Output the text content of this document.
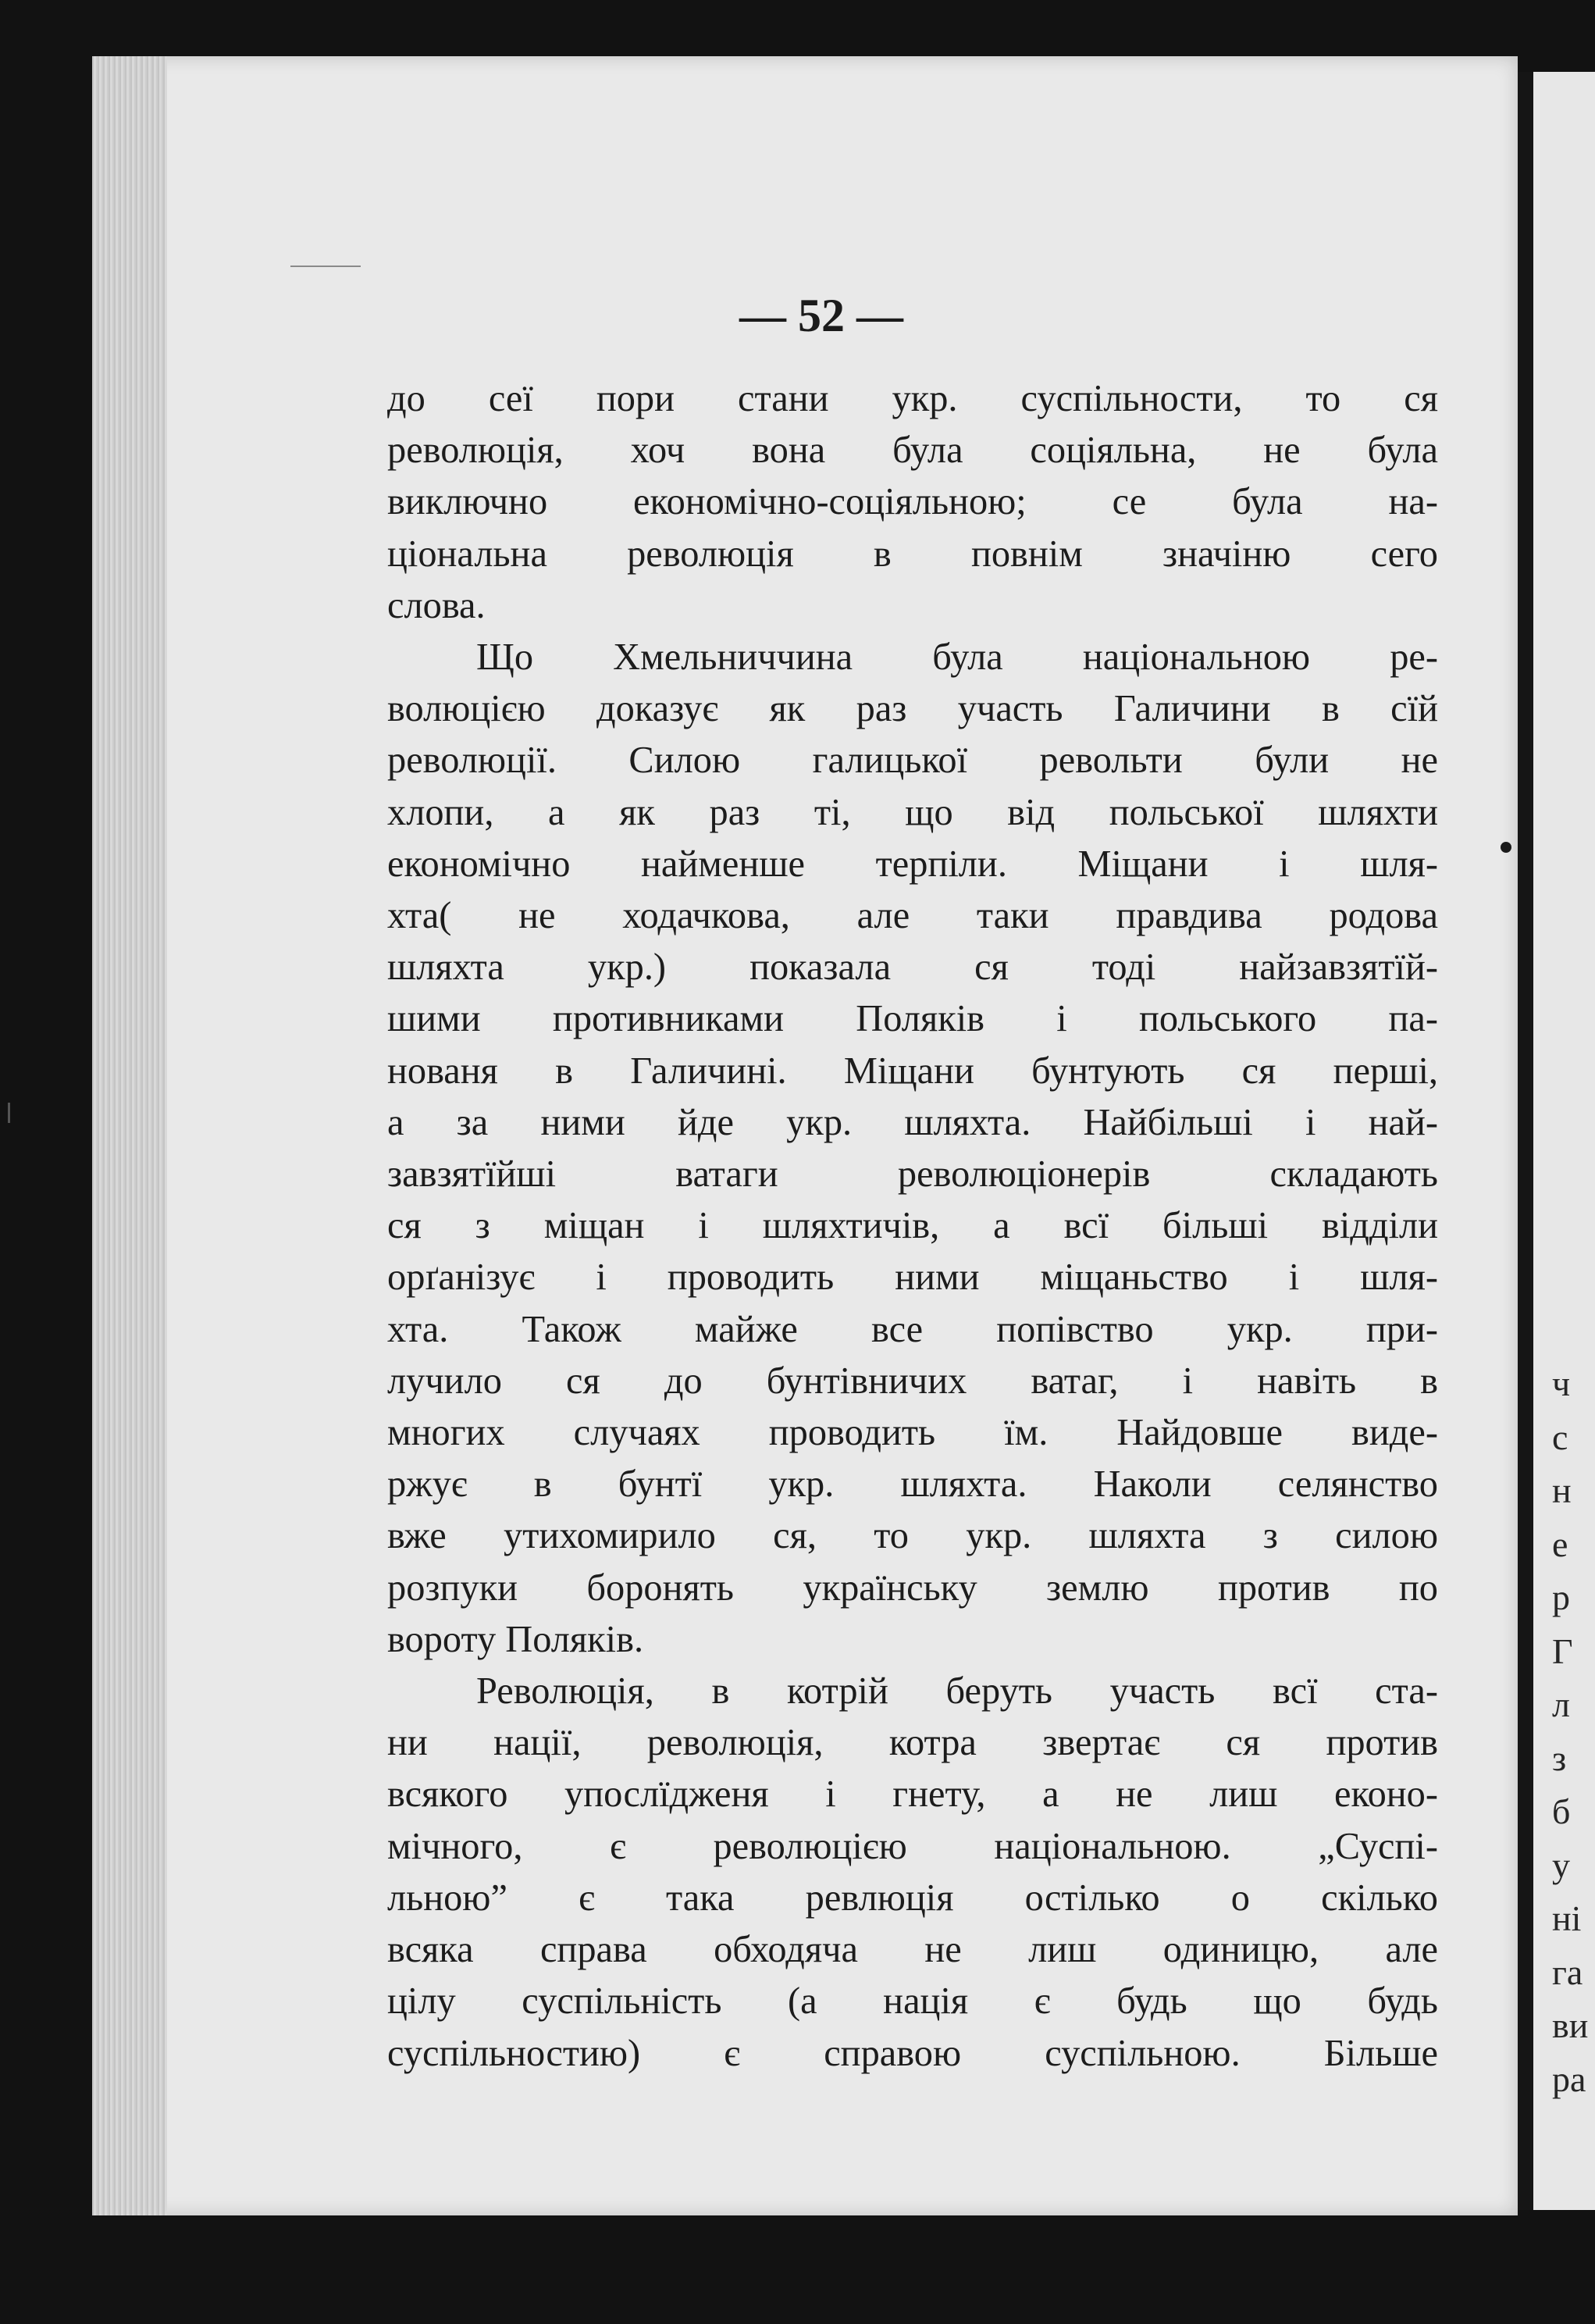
ч
с
н
е
р
Г
л
з
б
у
ні
га
ви
ра
— 52 —

до сеї пори стани укр. суспільности, то ся
революція, хоч вона була соціяльна, не була
виключно економічно-соціяльною; се була на-
ціональна революція в повнім значіню сего
слова.

Що Хмельниччина була національною ре-
волюцією доказує як раз участь Галичини в сїй
революції. Силою галицької револьти були не
хлопи, а як раз ті, що від польської шляхти
економічно найменше терпіли. Міщани і шля-
хта( не ходачкова, але таки правдива родова
шляхта укр.) показала ся тоді найзавзятїй-
шими противниками Поляків і польського па-
нованя в Галичині. Міщани бунтують ся перші,
а за ними йде укр. шляхта. Найбільші і най-
завзятїйші ватаги революціонерів складають
ся з міщан і шляхтичів, а всї більші відділи
орґанізує і проводить ними міщаньство і шля-
хта. Також майже все попівство укр. при-
лучило ся до бунтівничих ватаг, і навіть в
многих случаях проводить їм. Найдовше виде-
ржує в бунтї укр. шляхта. Наколи селянство
вже утихомирило ся, то укр. шляхта з силою
розпуки боронять українську землю против по
вороту Поляків.

Революція, в котрій беруть участь всї ста-
ни нації, революція, котра звертає ся против
всякого упослїдженя і гнету, а не лиш еконо-
мічного, є революцією національною. „Суспі-
льною” є така ревлюція остілько о скілько
всяка справа обходяча не лиш одиницю, але
цілу суспільність (а нація є будь що будь
суспільностию) є справою суспільною. Більше
